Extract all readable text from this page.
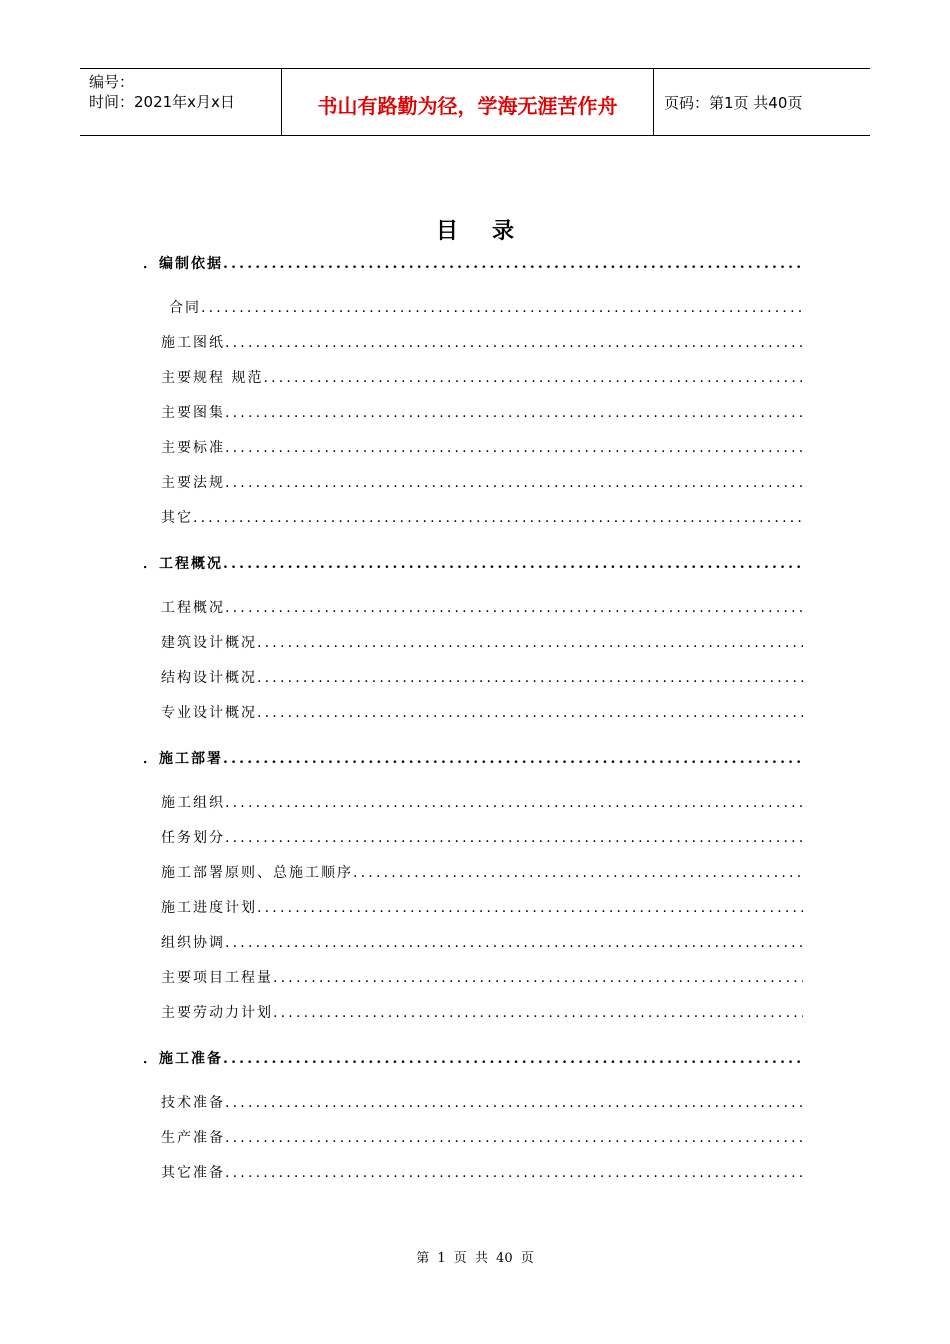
编号：
时间：2021年x月x日	书山有路勤为径，学海无涯苦作舟	页码：第1页 共40页
目录
．编制依据
.....
合同
.....
施工图纸
.....
主要规程 规范
.....
主要图集
.....
主要标准
.....
主要法规
.....
其它
.....
．工程概况
.....
工程概况
.....
建筑设计概况
.....
结构设计概况
.....
专业设计概况
.....
．施工部署
.....
施工组织
.....
任务划分
.....
施工部署原则、总施工顺序
.....
施工进度计划
.....
组织协调
.....
主要项目工程量
.....
主要劳动力计划
.....
．施工准备
.....
技术准备
.....
生产准备
.....
其它准备
.....
第 1 页 共 40 页
